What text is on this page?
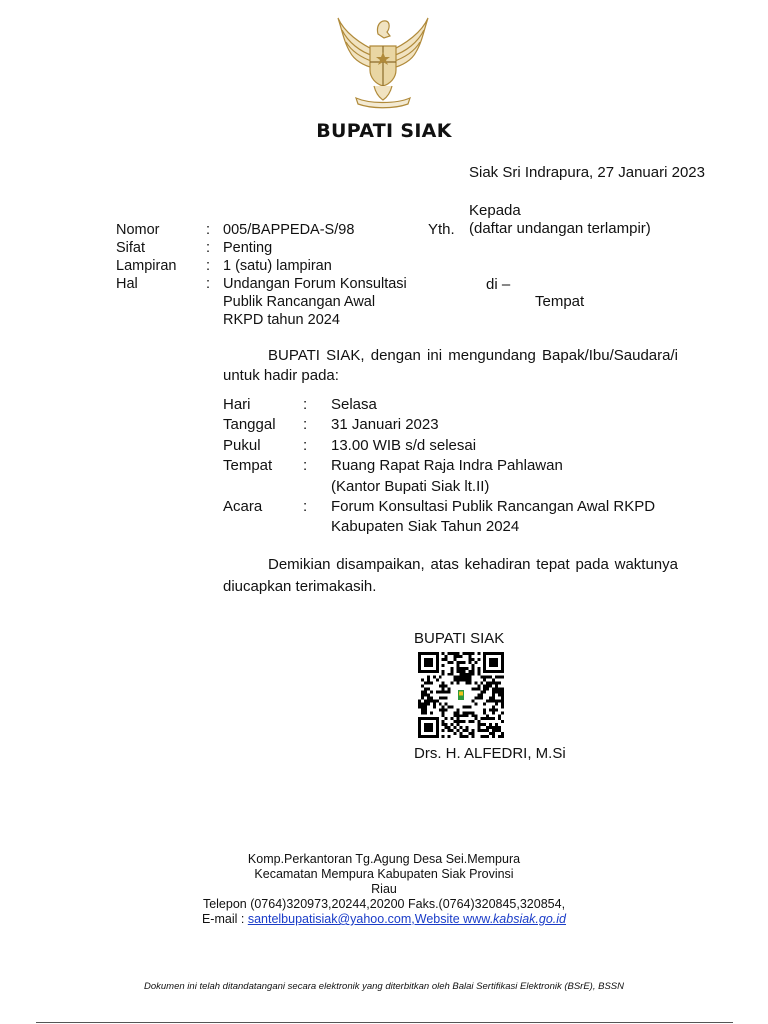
BUPATI SIAK
Siak Sri Indrapura, 27 Januari 2023
Kepada
(daftar undangan terlampir)
Yth.
Nomor	: 005/BAPPEDA-S/98
Sifat	: Penting
Lampiran : 1 (satu) lampiran
Hal	: Undangan Forum Konsultasi
Publik Rancangan Awal
RKPD tahun 2024
di –
Tempat
BUPATI SIAK, dengan ini mengundang Bapak/Ibu/Saudara/i untuk hadir pada:
Hari	: Selasa
Tanggal : 31 Januari 2023
Pukul	: 13.00 WIB s/d selesai
Tempat : Ruang Rapat Raja Indra Pahlawan
(Kantor Bupati Siak lt.II)
Acara	: Forum Konsultasi Publik Rancangan Awal RKPD
Kabupaten Siak Tahun 2024
Demikian disampaikan, atas kehadiran tepat pada waktunya diucapkan terimakasih.
BUPATI SIAK
Drs. H. ALFEDRI, M.Si
Komp.Perkantoran Tg.Agung Desa Sei.Mempura
Kecamatan Mempura Kabupaten Siak Provinsi
Riau
Telepon (0764)320973,20244,20200 Faks.(0764)320845,320854,
E-mail : santelbupatisiak@yahoo.com,Website www.kabsiak.go.id
Dokumen ini telah ditandatangani secara elektronik yang diterbitkan oleh Balai Sertifikasi Elektronik (BSrE), BSSN
